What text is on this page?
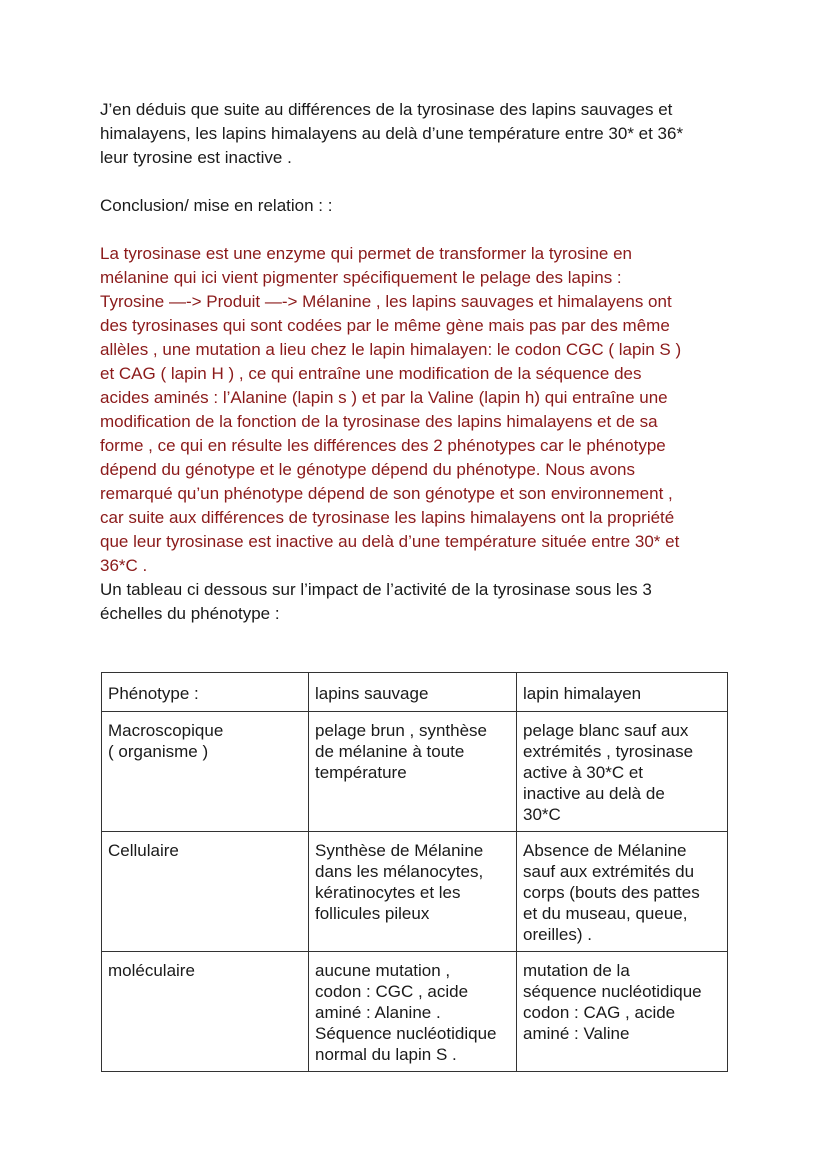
J’en déduis que suite au différences de la tyrosinase des lapins sauvages et
himalayens, les lapins himalayens au delà d’une température entre 30* et 36*
leur tyrosine est inactive .

Conclusion/ mise en relation : :

La tyrosinase est une enzyme qui permet de transformer la tyrosine en
mélanine qui ici vient pigmenter spécifiquement le pelage des lapins :
Tyrosine —-> Produit —-> Mélanine , les lapins sauvages et himalayens ont
des tyrosinases qui sont codées par le même gène mais pas par des même
allèles , une mutation a lieu chez le lapin himalayen: le codon CGC ( lapin S )
et CAG ( lapin H ) , ce qui entraîne une modification de la séquence des
acides aminés : l’Alanine (lapin s ) et par la Valine (lapin h) qui entraîne une
modification de la fonction de la tyrosinase des lapins himalayens et de sa
forme , ce qui en résulte les différences des 2 phénotypes car le phénotype
dépend du génotype et le génotype dépend du phénotype. Nous avons
remarqué qu’un phénotype dépend de son génotype et son environnement ,
car suite aux différences de tyrosinase les lapins himalayens ont la propriété
que leur tyrosinase est inactive au delà d’une température située entre 30* et
36*C .

Un tableau ci dessous sur l’impact de l’activité de la tyrosinase sous les 3
échelles du phénotype :

Phénotype :	lapins sauvage	lapin himalayen
Macroscopique
( organisme )	pelage brun , synthèse
de mélanine à toute
température	pelage blanc sauf aux
extrémités , tyrosinase
active à 30*C et
inactive au delà de
30*C
Cellulaire	Synthèse de Mélanine
dans les mélanocytes,
kératinocytes et les
follicules pileux	Absence de Mélanine
sauf aux extrémités du
corps (bouts des pattes
et du museau, queue,
oreilles) .
moléculaire	aucune mutation ,
codon : CGC , acide
aminé : Alanine .
Séquence nucléotidique
normal du lapin S .	mutation de la
séquence nucléotidique
codon : CAG , acide
aminé : Valine
